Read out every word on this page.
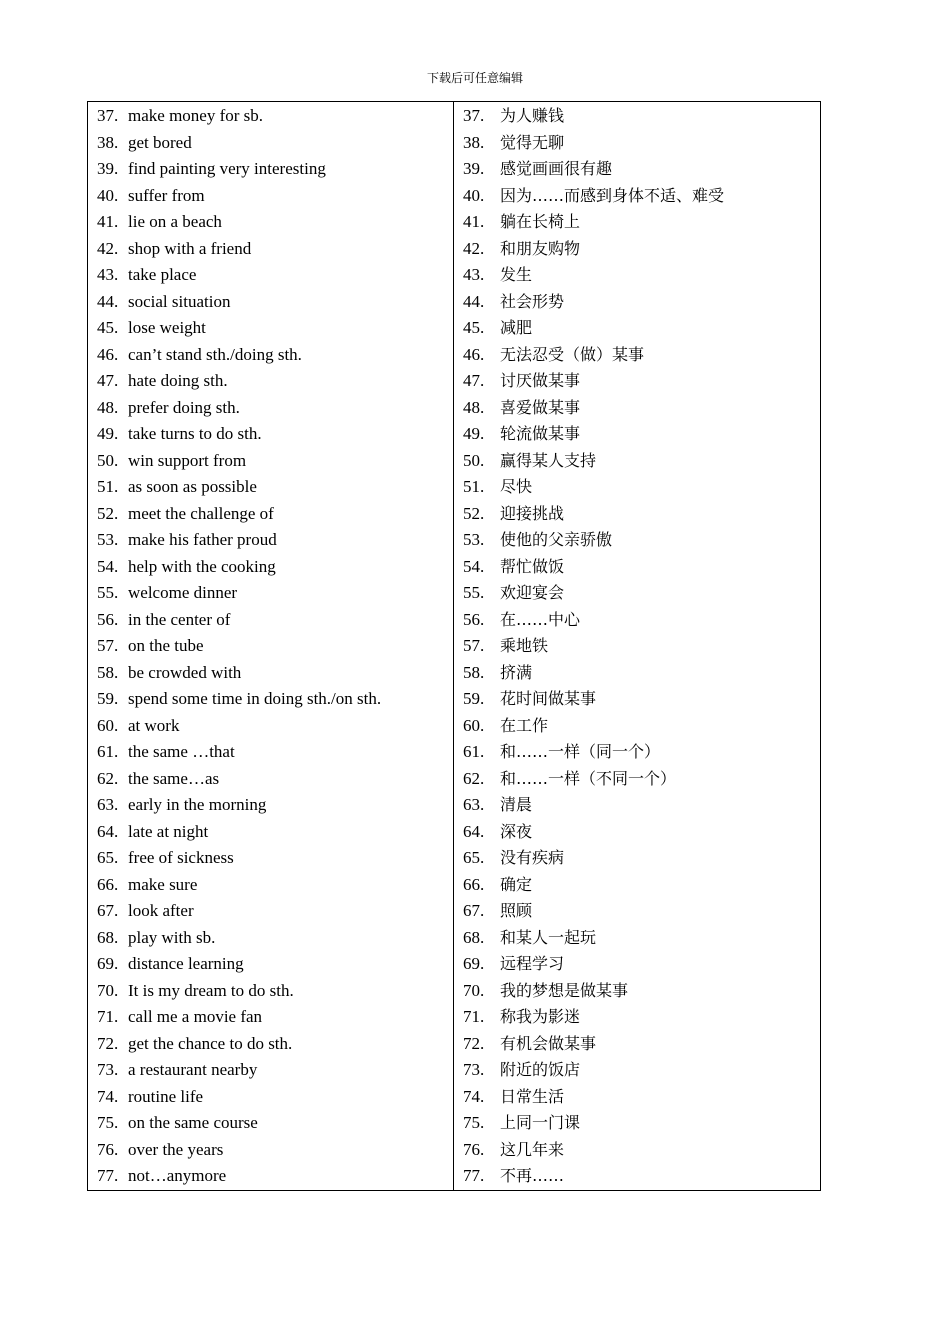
下载后可任意编辑
37. make money for sb.
38. get bored
39. find painting very interesting
40. suffer from
41. lie on a beach
42. shop with a friend
43. take place
44. social situation
45. lose weight
46. can’t stand sth./doing sth.
47. hate doing sth.
48. prefer doing sth.
49. take turns to do sth.
50. win support from
51. as soon as possible
52. meet the challenge of
53. make his father proud
54. help with the cooking
55. welcome dinner
56. in the center of
57. on the tube
58. be crowded with
59. spend some time in doing sth./on sth.
60. at work
61. the same …that
62. the same…as
63. early in the morning
64. late at night
65. free of sickness
66. make sure
67. look after
68. play with sb.
69. distance learning
70. It is my dream to do sth.
71. call me a movie fan
72. get the chance to do sth.
73. a restaurant nearby
74. routine life
75. on the same course
76. over the years
77. not…anymore
37. 为人赚钱
38. 觉得无聊
39. 感觉画画很有趣
40. 因为……而感到身体不适、难受
41. 躺在长椅上
42. 和朋友购物
43. 发生
44. 社会形势
45. 减肥
46. 无法忍受（做）某事
47. 讨厌做某事
48. 喜爱做某事
49. 轮流做某事
50. 赢得某人支持
51. 尽快
52. 迎接挑战
53. 使他的父亲骄傲
54. 帮忙做饭
55. 欢迎宴会
56. 在……中心
57. 乘地铁
58. 挤满
59. 花时间做某事
60. 在工作
61. 和……一样（同一个）
62. 和……一样（不同一个）
63. 清晨
64. 深夜
65. 没有疾病
66. 确定
67. 照顾
68. 和某人一起玩
69. 远程学习
70. 我的梦想是做某事
71. 称我为影迷
72. 有机会做某事
73. 附近的饭店
74. 日常生活
75. 上同一门课
76. 这几年来
77. 不再……
